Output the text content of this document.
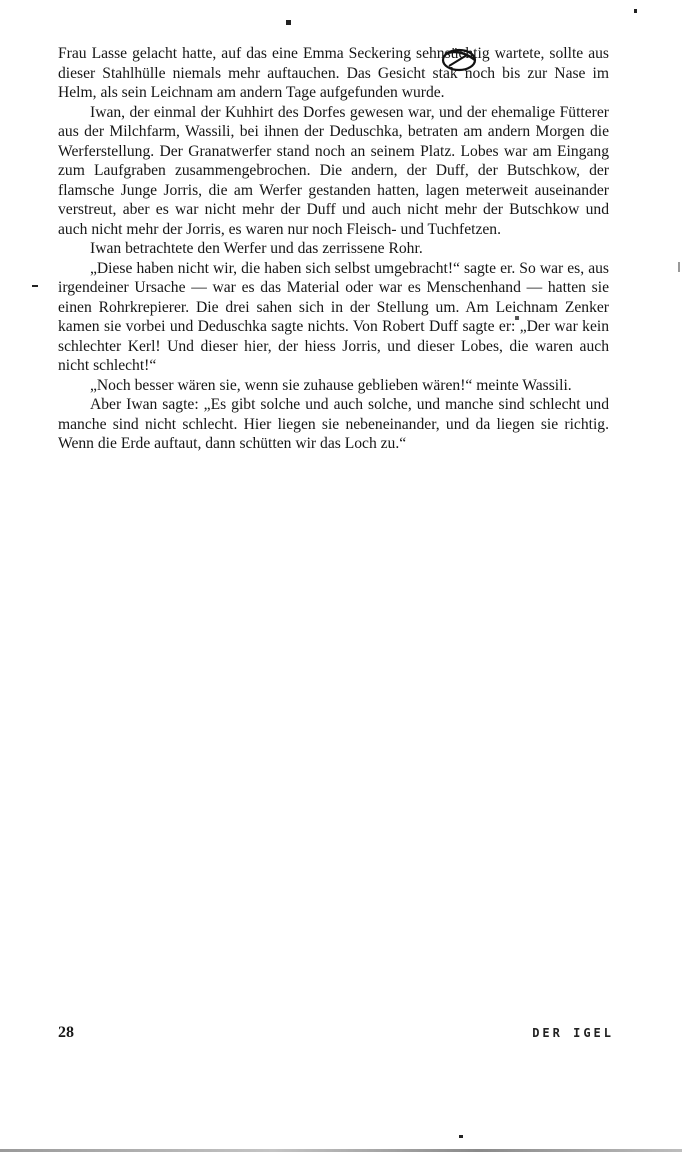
Frau Lasse gelacht hatte, auf das eine Emma Seckering sehnsüchtig wartete, sollte aus dieser Stahlhülle niemals mehr auftauchen. Das Gesicht stak noch bis zur Nase im Helm, als sein Leichnam am andern Tage aufgefunden wurde.

Iwan, der einmal der Kuhhirt des Dorfes gewesen war, und der ehemalige Fütterer aus der Milchfarm, Wassili, bei ihnen der Deduschka, betraten am andern Morgen die Werferstellung. Der Granatwerfer stand noch an seinem Platz. Lobes war am Eingang zum Laufgraben zusammengebrochen. Die andern, der Duff, der Butschkow, der flamsche Junge Jorris, die am Werfer gestanden hatten, lagen meterweit auseinander verstreut, aber es war nicht mehr der Duff und auch nicht mehr der Butschkow und auch nicht mehr der Jorris, es waren nur noch Fleisch- und Tuchfetzen.

Iwan betrachtete den Werfer und das zerrissene Rohr.

„Diese haben nicht wir, die haben sich selbst umgebracht!“ sagte er. So war es, aus irgendeiner Ursache — war es das Material oder war es Menschenhand — hatten sie einen Rohrkrepierer. Die drei sahen sich in der Stellung um. Am Leichnam Zenker kamen sie vorbei und Deduschka sagte nichts. Von Robert Duff sagte er: „Der war kein schlechter Kerl! Und dieser hier, der hiess Jorris, und dieser Lobes, die waren auch nicht schlecht!“

„Noch besser wären sie, wenn sie zuhause geblieben wären!“ meinte Wassili.

Aber Iwan sagte: „Es gibt solche und auch solche, und manche sind schlecht und manche sind nicht schlecht. Hier liegen sie nebeneinander, und da liegen sie richtig. Wenn die Erde auftaut, dann schütten wir das Loch zu.“

28	DER IGEL
